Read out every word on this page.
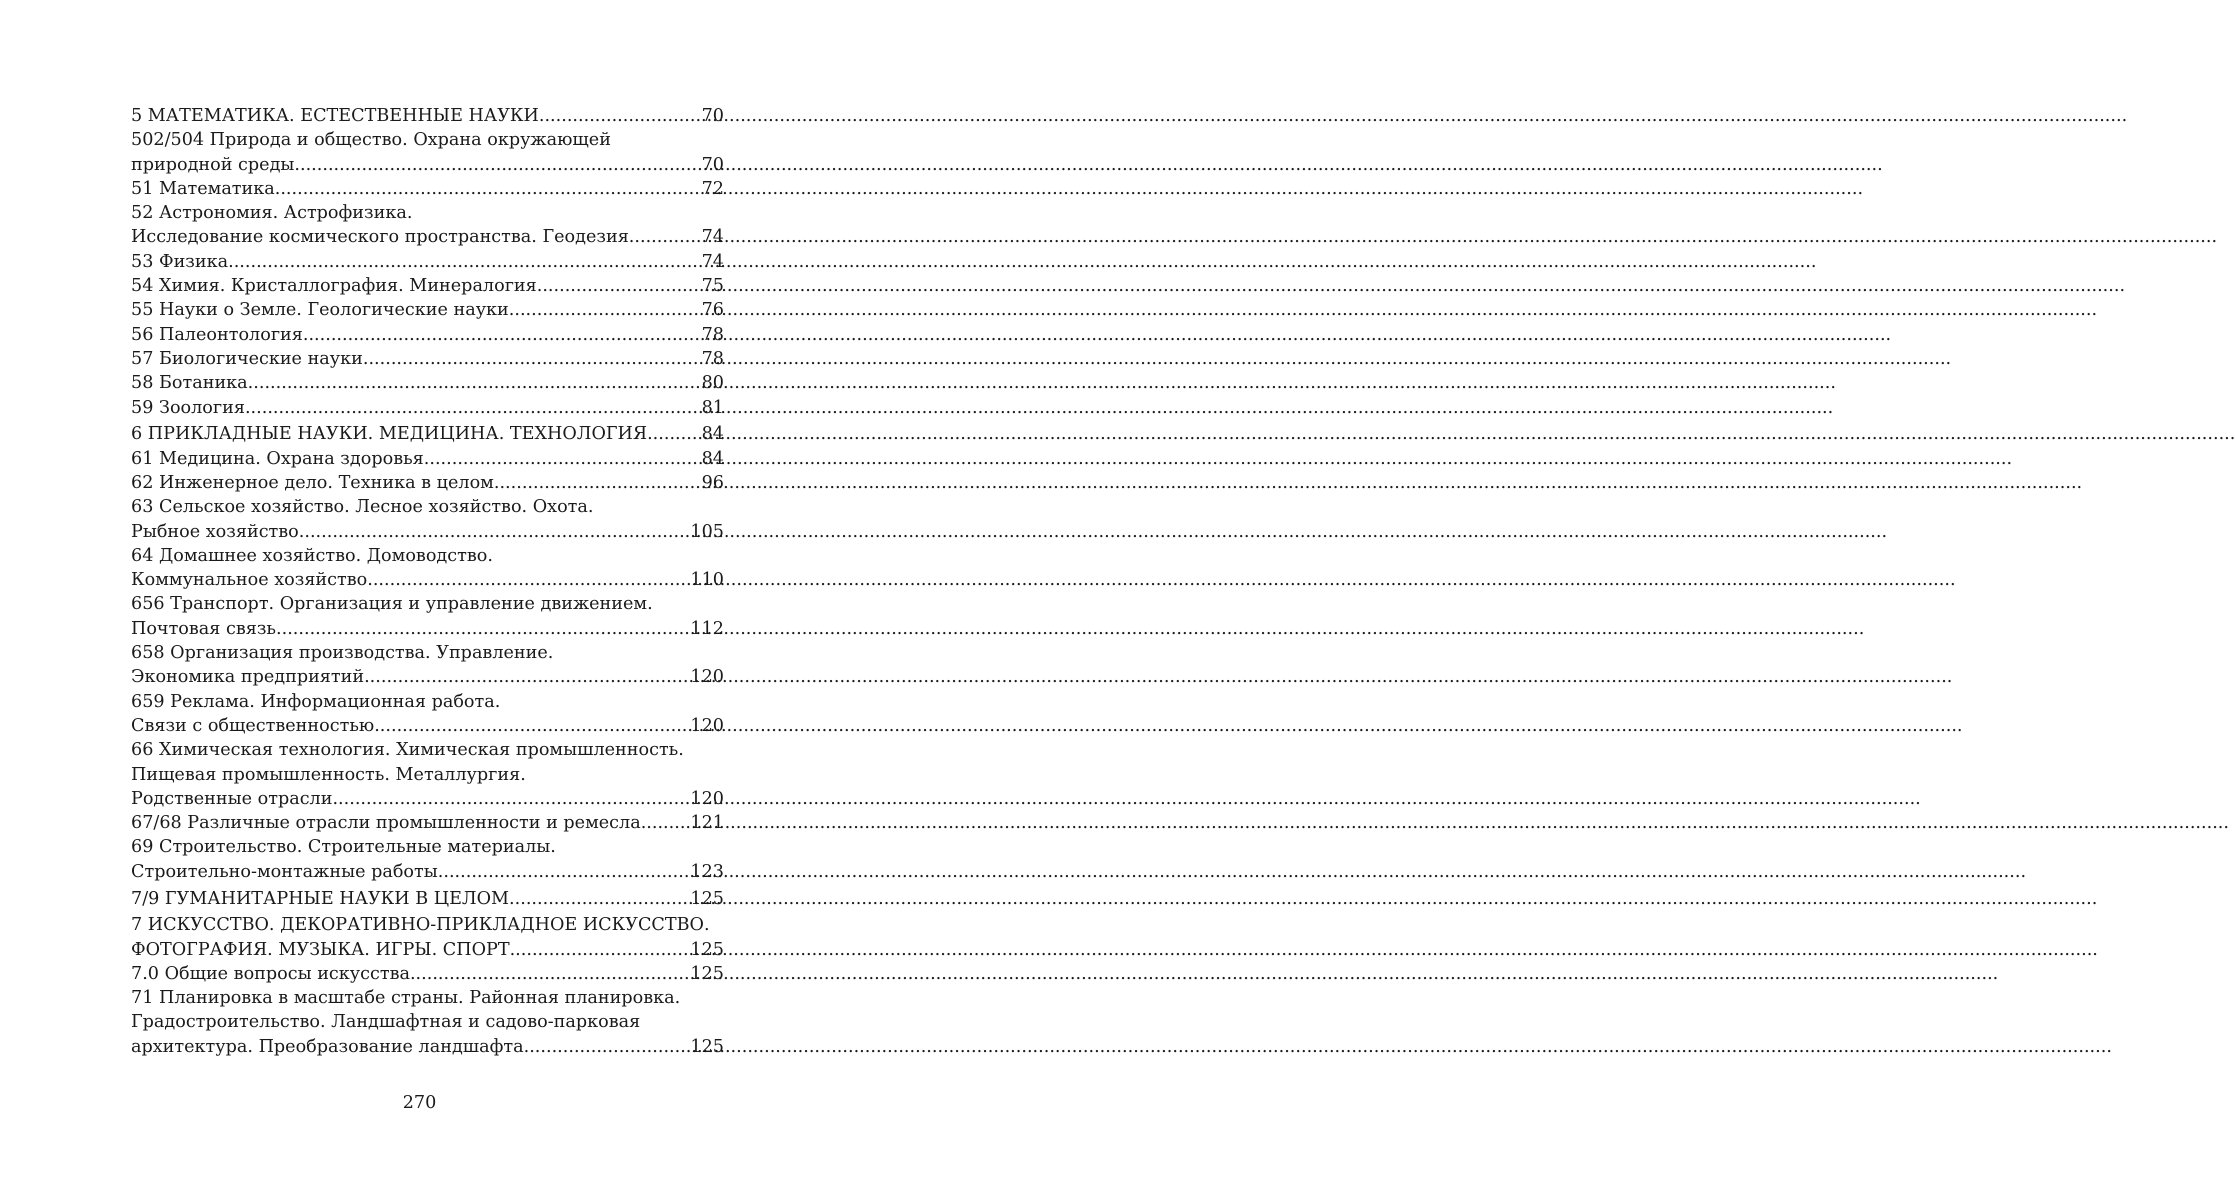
5 МАТЕМАТИКА. ЕСТЕСТВЕННЫЕ НАУКИ .....	70
502/504 Природа и общество. Охрана окружающей
природной среды .....	70
51 Математика .....	72
52 Астрономия. Астрофизика.
Исследование космического пространства. Геодезия .....	74
53 Физика .....	74
54 Химия. Кристаллография. Минералогия .....	75
55 Науки о Земле. Геологические науки .....	76
56 Палеонтология .....	78
57 Биологические науки .....	78
58 Ботаника .....	80
59 Зоология .....	81
6 ПРИКЛАДНЫЕ НАУКИ. МЕДИЦИНА. ТЕХНОЛОГИЯ .....	84
61 Медицина. Охрана здоровья .....	84
62 Инженерное дело. Техника в целом .....	96
63 Сельское хозяйство. Лесное хозяйство. Охота.
Рыбное хозяйство .....	105
64 Домашнее хозяйство. Домоводство.
Коммунальное хозяйство .....	110
656 Транспорт. Организация и управление движением.
Почтовая связь .....	112
658 Организация производства. Управление.
Экономика предприятий .....	120
659 Реклама. Информационная работа.
Связи с общественностью .....	120
66 Химическая технология. Химическая промышленность.
Пищевая промышленность. Металлургия.
Родственные отрасли .....	120
67/68 Различные отрасли промышленности и ремесла .....	121
69 Строительство. Строительные материалы.
Строительно-монтажные работы .....	123
7/9 ГУМАНИТАРНЫЕ НАУКИ В ЦЕЛОМ .....	125
7 ИСКУССТВО. ДЕКОРАТИВНО-ПРИКЛАДНОЕ ИСКУССТВО.
ФОТОГРАФИЯ. МУЗЫКА. ИГРЫ. СПОРТ .....	125
7.0 Общие вопросы искусства .....	125
71 Планировка в масштабе страны. Районная планировка.
Градостроительство. Ландшафтная и садово-парковая
архитектура. Преобразование ландшафта .....	125
270
